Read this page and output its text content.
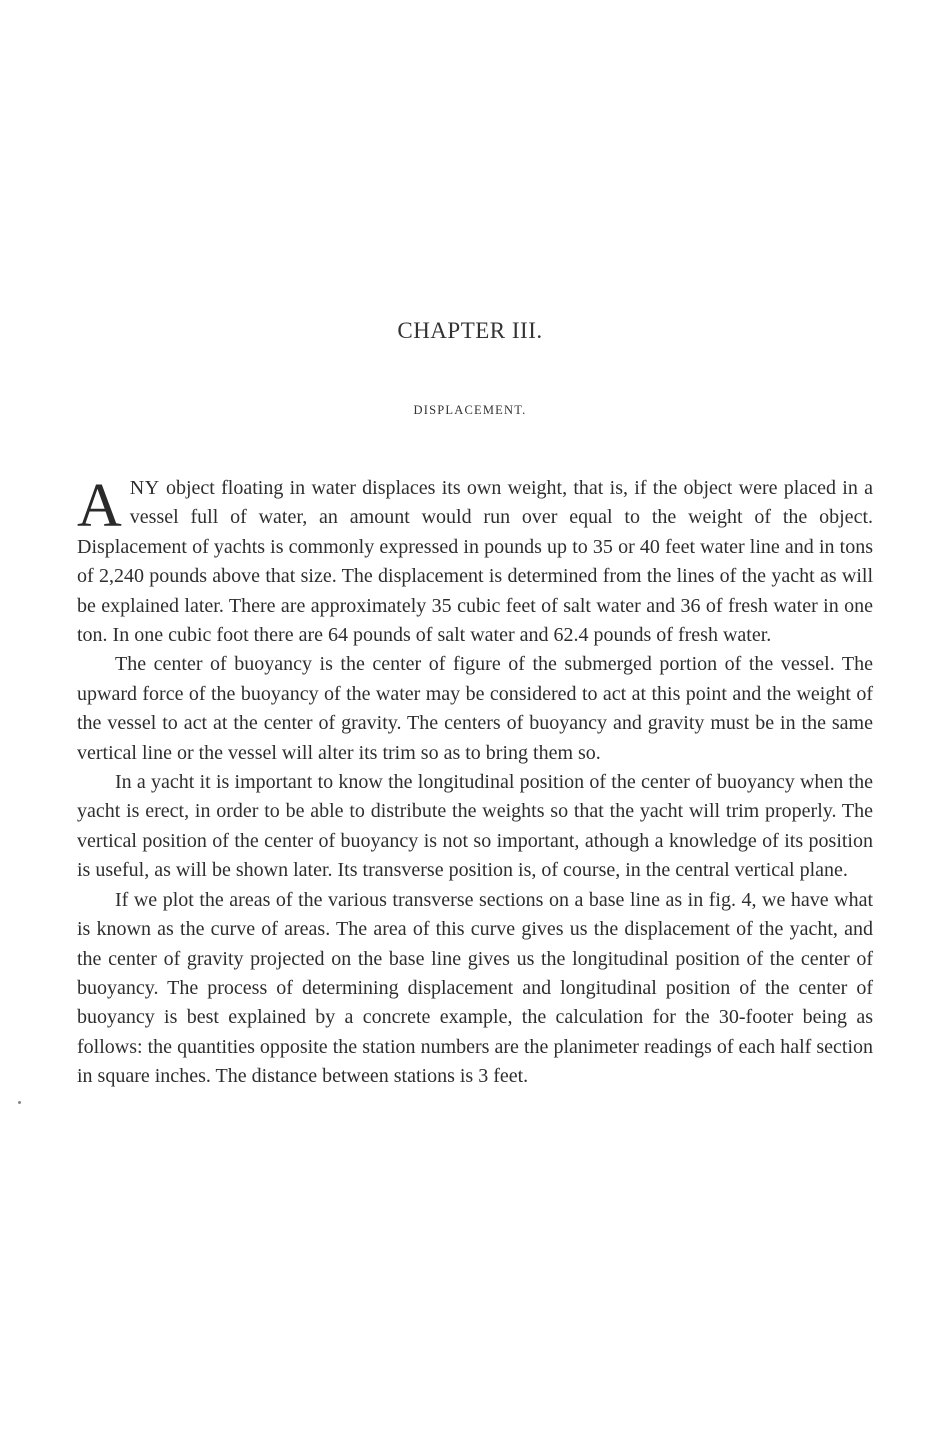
CHAPTER III.
DISPLACEMENT.

ANY object floating in water displaces its own weight, that is, if the object were placed in a vessel full of water, an amount would run over equal to the weight of the object. Displacement of yachts is commonly expressed in pounds up to 35 or 40 feet water line and in tons of 2,240 pounds above that size. The displacement is determined from the lines of the yacht as will be explained later. There are approximately 35 cubic feet of salt water and 36 of fresh water in one ton. In one cubic foot there are 64 pounds of salt water and 62.4 pounds of fresh water.

The center of buoyancy is the center of figure of the submerged portion of the vessel. The upward force of the buoyancy of the water may be considered to act at this point and the weight of the vessel to act at the center of gravity. The centers of buoyancy and gravity must be in the same vertical line or the vessel will alter its trim so as to bring them so.

In a yacht it is important to know the longitudinal position of the center of buoyancy when the yacht is erect, in order to be able to distribute the weights so that the yacht will trim properly. The vertical position of the center of buoyancy is not so important, athough a knowledge of its position is useful, as will be shown later. Its transverse position is, of course, in the central vertical plane.

If we plot the areas of the various transverse sections on a base line as in fig. 4, we have what is known as the curve of areas. The area of this curve gives us the displacement of the yacht, and the center of gravity projected on the base line gives us the longitudinal position of the center of buoyancy. The process of determining displacement and longitudinal position of the center of buoyancy is best explained by a concrete example, the calculation for the 30-footer being as follows: the quantities opposite the station numbers are the planimeter readings of each half section in square inches. The distance between stations is 3 feet.
